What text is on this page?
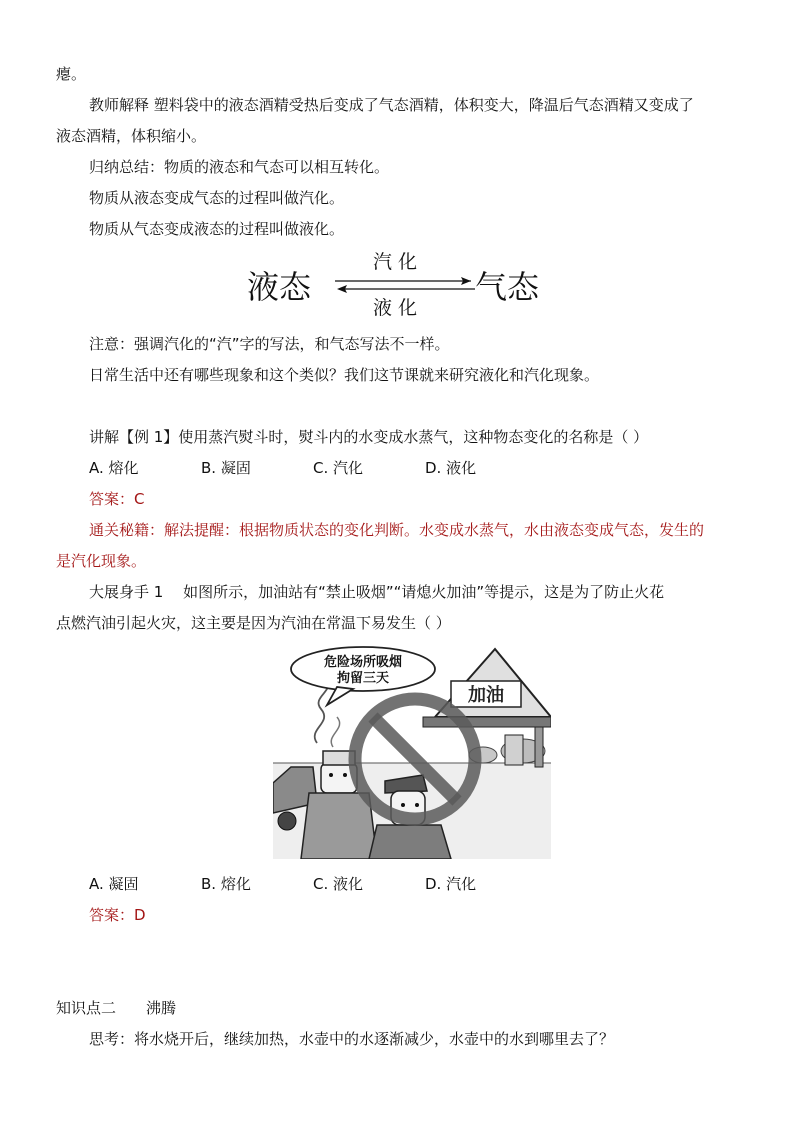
瘪。
教师解释 塑料袋中的液态酒精受热后变成了气态酒精，体积变大，降温后气态酒精又变成了
液态酒精，体积缩小。
归纳总结：物质的液态和气态可以相互转化。
物质从液态变成气态的过程叫做汽化。
物质从气态变成液态的过程叫做液化。
液态	气态
汽化
液化
注意：强调汽化的“汽”字的写法，和气态写法不一样。
日常生活中还有哪些现象和这个类似？我们这节课就来研究液化和汽化现象。
讲解【例 1】使用蒸汽熨斗时，熨斗内的水变成水蒸气，这种物态变化的名称是（ ）
A. 熔化	B. 凝固	C. 汽化	D. 液化
答案：C
通关秘籍：解法提醒：根据物质状态的变化判断。水变成水蒸气，水由液态变成气态，发生的
是汽化现象。
大展身手 1　 如图所示，加油站有“禁止吸烟”“请熄火加油”等提示，这是为了防止火花
点燃汽油引起火灾，这主要是因为汽油在常温下易发生（ ）
加油
危险场所吸烟
拘留三天
A. 凝固	B. 熔化	C. 液化	D. 汽化
答案：D
知识点二　　沸腾
思考：将水烧开后，继续加热，水壶中的水逐渐减少，水壶中的水到哪里去了？
